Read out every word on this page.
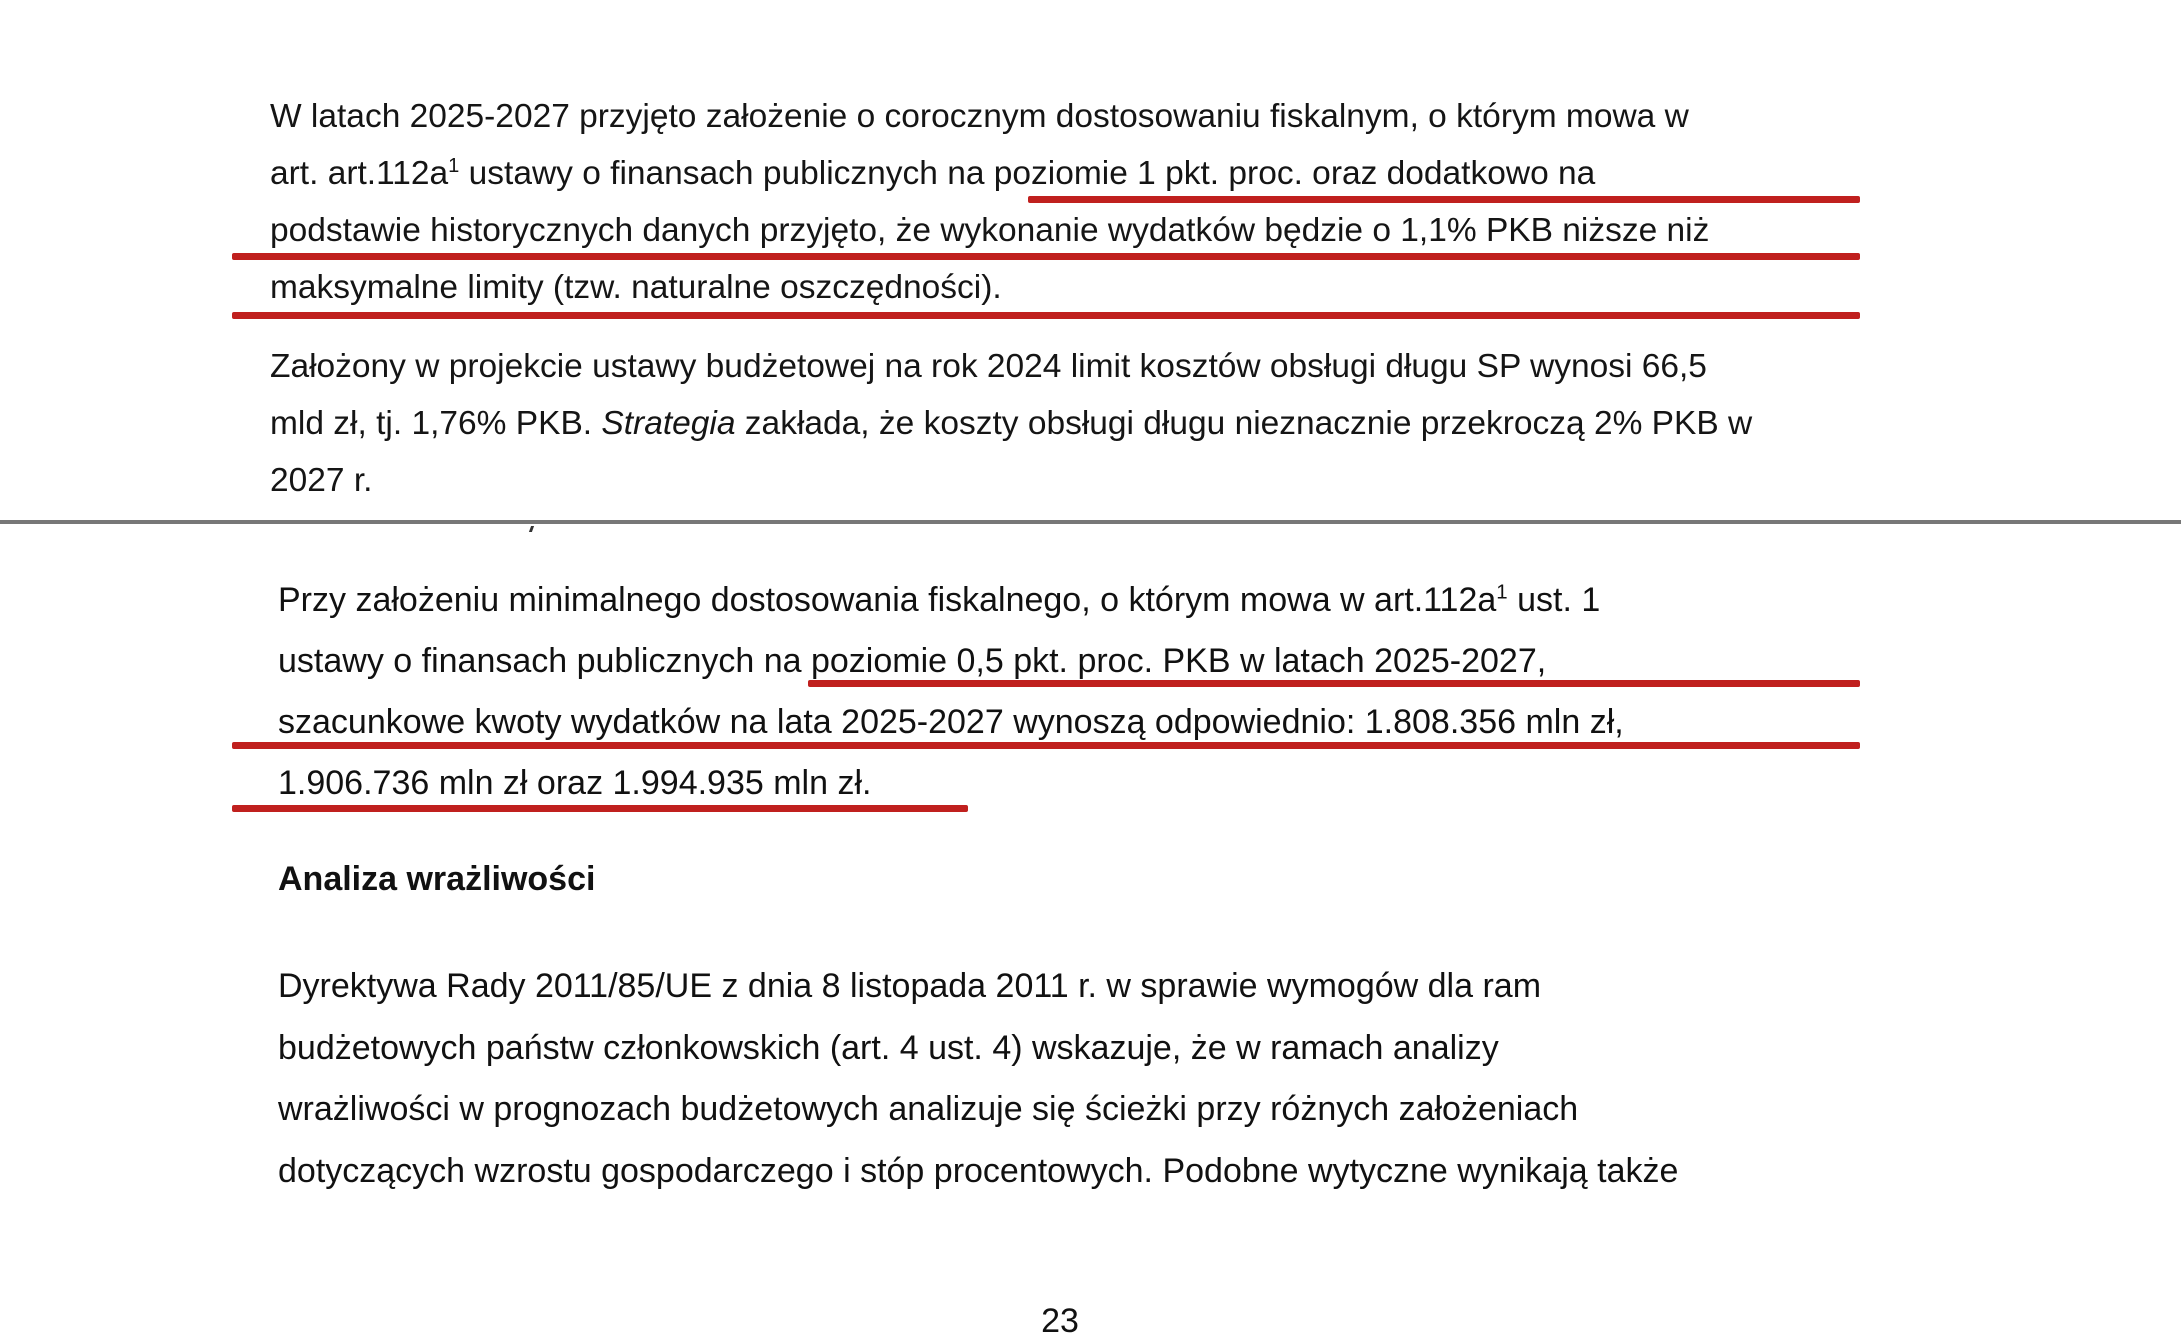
W latach 2025-2027 przyjęto założenie o corocznym dostosowaniu fiskalnym, o którym mowa w
art. $art.112a^1$ ustawy o finansach publicznych na poziomie 1 pkt. proc. oraz dodatkowo na
podstawie historycznych danych przyjęto, że wykonanie wydatków będzie o 1,1% PKB niższe niż
maksymalne limity (tzw. naturalne oszczędności).

Założony w projekcie ustawy budżetowej na rok 2024 limit kosztów obsługi długu SP wynosi 66,5
mld zł, tj. 1,76% PKB. Strategia zakłada, że koszty obsługi długu nieznacznie przekroczą 2% PKB w
2027 r.

Przy założeniu minimalnego dostosowania fiskalnego, o którym mowa w $art.112a^1$ ust. 1
ustawy o finansach publicznych na poziomie 0,5 pkt. proc. PKB w latach 2025-2027,
szacunkowe kwoty wydatków na lata 2025-2027 wynoszą odpowiednio: 1.808.356 mln zł,
1.906.736 mln zł oraz 1.994.935 mln zł.

Analiza wrażliwości

Dyrektywa Rady 2011/85/UE z dnia 8 listopada 2011 r. w sprawie wymogów dla ram
budżetowych państw członkowskich (art. 4 ust. 4) wskazuje, że w ramach analizy
wrażliwości w prognozach budżetowych analizuje się ścieżki przy różnych założeniach
dotyczących wzrostu gospodarczego i stóp procentowych. Podobne wytyczne wynikają także

23
